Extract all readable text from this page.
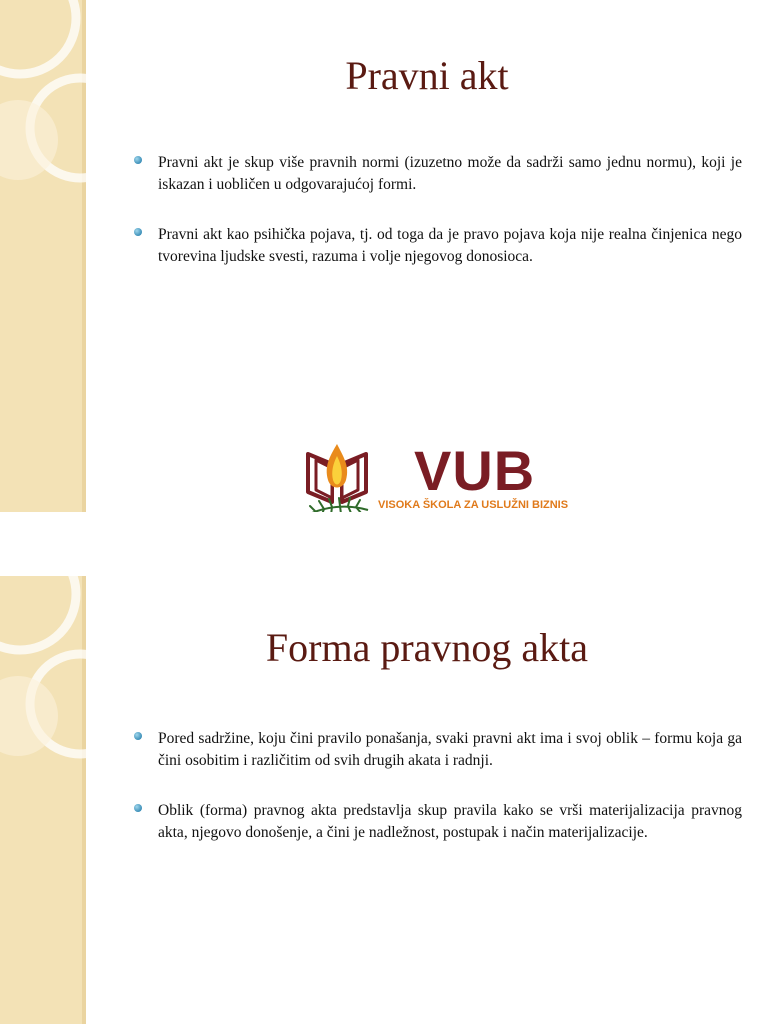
Pravni akt
Pravni akt je skup više pravnih normi (izuzetno može da sadrži samo jednu normu), koji je iskazan i uobličen u odgovarajućoj formi.
Pravni akt kao psihička pojava, tj. od toga da je pravo pojava koja nije realna činjenica nego tvorevina ljudske svesti, razuma i volje njegovog donosioca.
VUB
VISOKA ŠKOLA ZA USLUŽNI BIZNIS
Forma pravnog akta
Pored sadržine, koju čini pravilo ponašanja, svaki pravni akt ima i svoj oblik – formu koja ga čini osobitim i različitim od svih drugih akata i radnji.
Oblik (forma) pravnog akta predstavlja skup pravila kako se vrši materijalizacija pravnog akta, njegovo donošenje, a čini je nadležnost, postupak i način materijalizacije.
